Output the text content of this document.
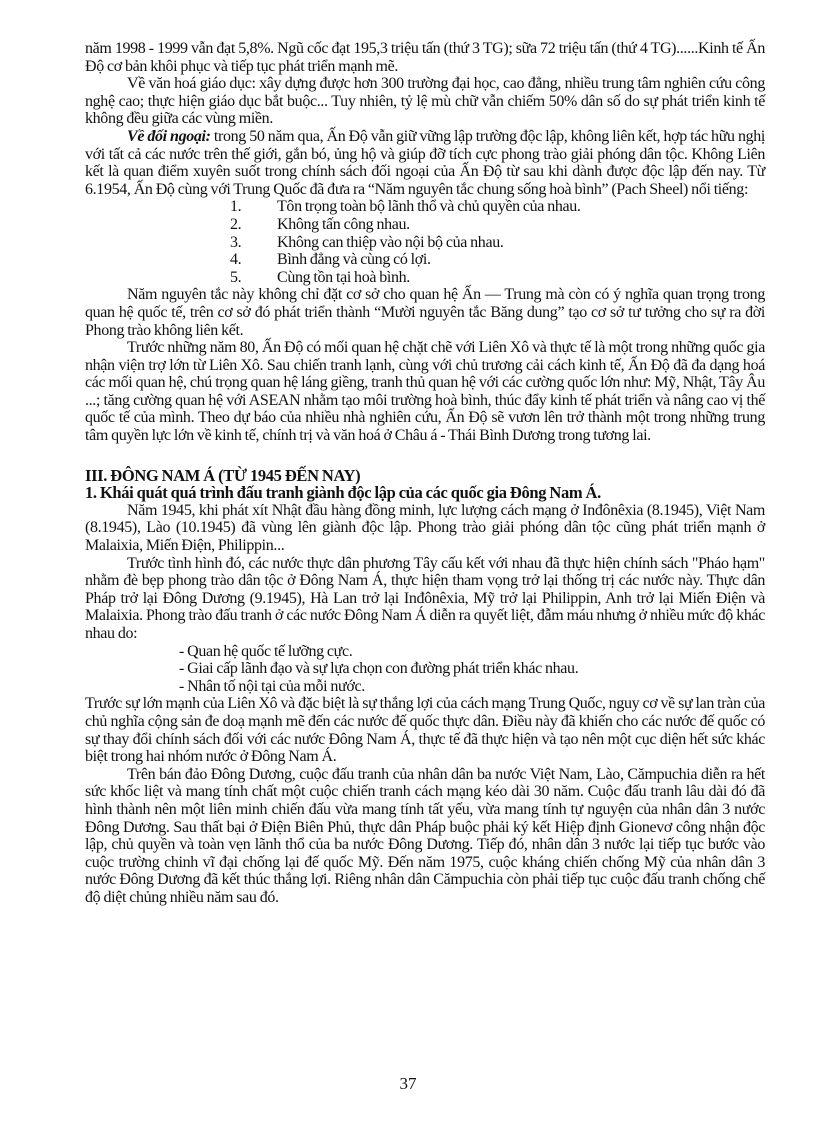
năm 1998 - 1999 vẫn đạt 5,8%. Ngũ cốc đạt 195,3 triệu tấn (thứ 3 TG); sữa 72 triệu tấn (thứ 4 TG)......Kinh tế Ấn Độ cơ bản khôi phục và tiếp tục phát triển mạnh mẽ.

Về văn hoá giáo dục: xây dựng được hơn 300 trường đại học, cao đẳng, nhiều trung tâm nghiên cứu công nghệ cao; thực hiện giáo dục bắt buộc... Tuy nhiên, tỷ lệ mù chữ vẫn chiếm 50% dân số do sự phát triển kinh tế không đều giữa các vùng miền.

Về đối ngoại: trong 50 năm qua, Ấn Độ vẫn giữ vững lập trường độc lập, không liên kết, hợp tác hữu nghị với tất cả các nước trên thế giới, gắn bó, ủng hộ và giúp đỡ tích cực phong trào giải phóng dân tộc. Không Liên kết là quan điểm xuyên suốt trong chính sách đối ngoại của Ấn Độ từ sau khi dành được độc lập đến nay. Từ 6.1954, Ấn Độ cùng với Trung Quốc đã đưa ra “Năm nguyên tắc chung sống hoà bình” (Pach Sheel) nổi tiếng:

1. Tôn trọng toàn bộ lãnh thổ và chủ quyền của nhau.
2. Không tấn công nhau.
3. Không can thiệp vào nội bộ của nhau.
4. Bình đẳng và cùng có lợi.
5. Cùng tồn tại hoà bình.

Năm nguyên tắc này không chỉ đặt cơ sở cho quan hệ Ấn — Trung mà còn có ý nghĩa quan trọng trong quan hệ quốc tế, trên cơ sở đó phát triển thành “Mười nguyên tắc Băng dung” tạo cơ sở tư tưởng cho sự ra đời Phong trào không liên kết.

Trước những năm 80, Ấn Độ có mối quan hệ chặt chẽ với Liên Xô và thực tế là một trong những quốc gia nhận viện trợ lớn từ Liên Xô. Sau chiến tranh lạnh, cùng với chủ trương cải cách kinh tế, Ấn Độ đã đa dạng hoá các mối quan hệ, chú trọng quan hệ láng giềng, tranh thủ quan hệ với các cường quốc lớn như: Mỹ, Nhật, Tây Âu ...; tăng cường quan hệ với ASEAN nhằm tạo môi trường hoà bình, thúc đẩy kinh tế phát triển và nâng cao vị thế quốc tế của mình. Theo dự báo của nhiều nhà nghiên cứu, Ấn Độ sẽ vươn lên trở thành một trong những trung tâm quyền lực lớn về kinh tế, chính trị và văn hoá ở Châu á - Thái Bình Dương trong tương lai.

III. ĐÔNG NAM Á (TỪ 1945 ĐẾN NAY)

1. Khái quát quá trình đấu tranh giành độc lập của các quốc gia Đông Nam Á.

Năm 1945, khi phát xít Nhật đầu hàng đồng minh, lực lượng cách mạng ở Inđônêxia (8.1945), Việt Nam (8.1945), Lào (10.1945) đã vùng lên giành độc lập. Phong trào giải phóng dân tộc cũng phát triển mạnh ở Malaixia, Miến Điện, Philippin...

Trước tình hình đó, các nước thực dân phương Tây cấu kết với nhau đã thực hiện chính sách "Pháo hạm" nhằm đè bẹp phong trào dân tộc ở Đông Nam Á, thực hiện tham vọng trở lại thống trị các nước này. Thực dân Pháp trở lại Đông Dương (9.1945), Hà Lan trở lại Inđônêxia, Mỹ trở lại Philippin, Anh trở lại Miến Điện và Malaixia. Phong trào đấu tranh ở các nước Đông Nam Á diễn ra quyết liệt, đẫm máu nhưng ở nhiều mức độ khác nhau do:

- Quan hệ quốc tế lưỡng cực.

- Giai cấp lãnh đạo và sự lựa chọn con đường phát triển khác nhau.

- Nhân tố nội tại của mỗi nước.

Trước sự lớn mạnh của Liên Xô và đặc biệt là sự thắng lợi của cách mạng Trung Quốc, nguy cơ về sự lan tràn của chủ nghĩa cộng sản đe doạ mạnh mẽ đến các nước đế quốc thực dân. Điều này đã khiến cho các nước đế quốc có sự thay đổi chính sách đối với các nước Đông Nam Á, thực tế đã thực hiện và tạo nên một cục diện hết sức khác biệt trong hai nhóm nước ở Đông Nam Á.

Trên bán đảo Đông Dương, cuộc đấu tranh của nhân dân ba nước Việt Nam, Lào, Cămpuchia diễn ra hết sức khốc liệt và mang tính chất một cuộc chiến tranh cách mạng kéo dài 30 năm. Cuộc đấu tranh lâu dài đó đã hình thành nên một liên minh chiến đấu vừa mang tính tất yếu, vừa mang tính tự nguyện của nhân dân 3 nước Đông Dương. Sau thất bại ở Điện Biên Phủ, thực dân Pháp buộc phải ký kết Hiệp định Gionevơ công nhận độc lập, chủ quyền và toàn vẹn lãnh thổ của ba nước Đông Dương. Tiếp đó, nhân dân 3 nước lại tiếp tục bước vào cuộc trường chinh vĩ đại chống lại đế quốc Mỹ. Đến năm 1975, cuộc kháng chiến chống Mỹ của nhân dân 3 nước Đông Dương đã kết thúc thắng lợi. Riêng nhân dân Cămpuchia còn phải tiếp tục cuộc đấu tranh chống chế độ diệt chủng nhiều năm sau đó.

37
